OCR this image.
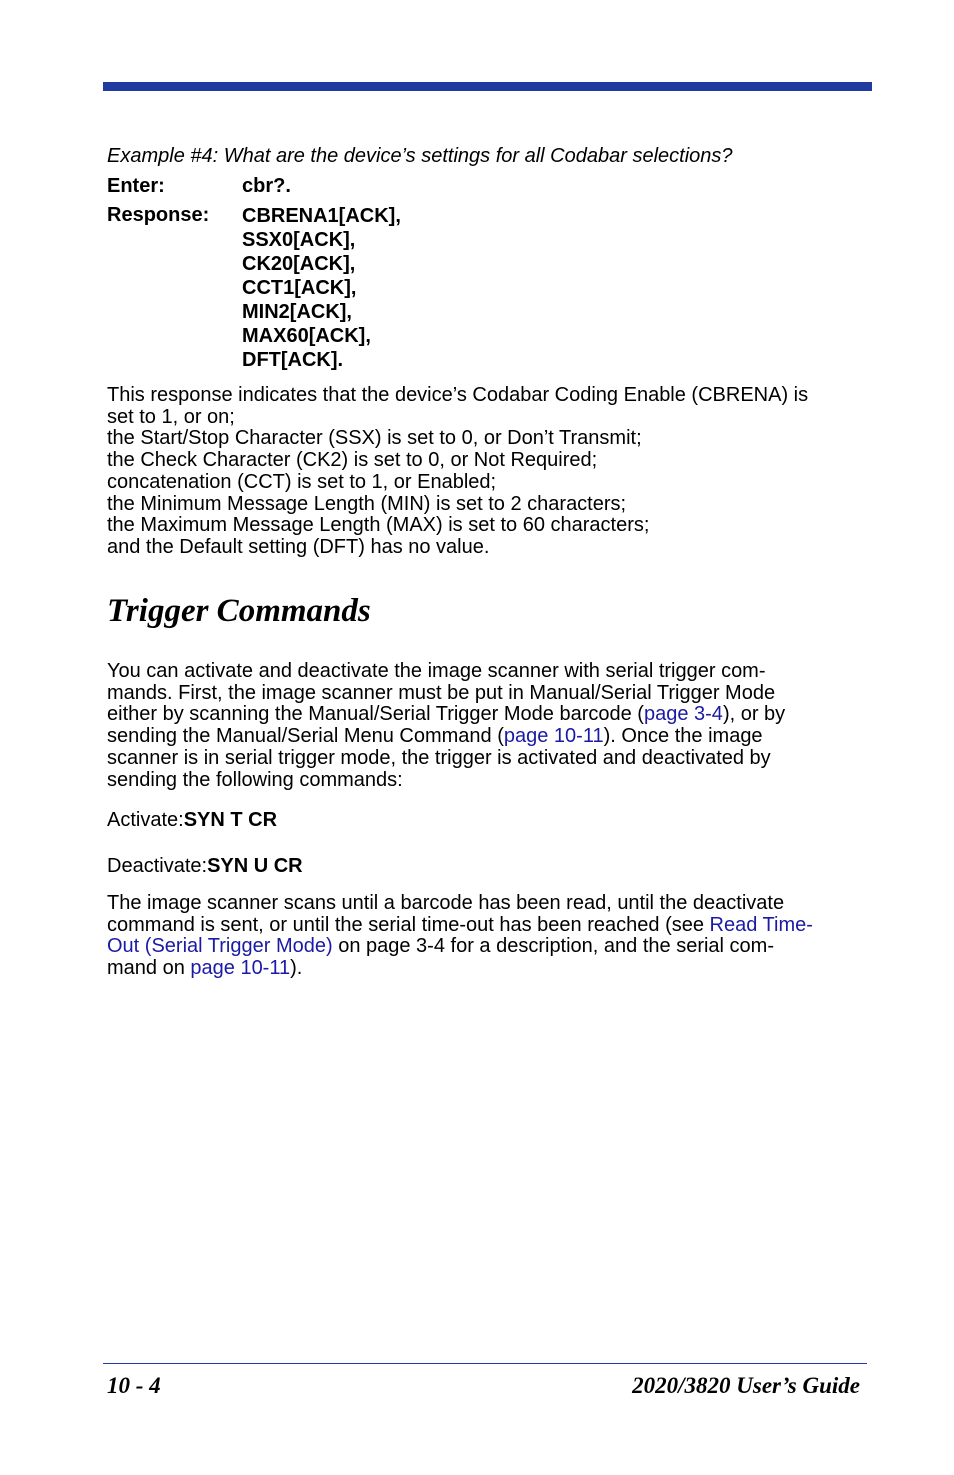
Example #4: What are the device’s settings for all Codabar selections?
Enter:	cbr?.
Response: CBRENA1[ACK],
SSX0[ACK],
CK20[ACK],
CCT1[ACK],
MIN2[ACK],
MAX60[ACK],
DFT[ACK].
This response indicates that the device’s Codabar Coding Enable (CBRENA) is
set to 1, or on;
the Start/Stop Character (SSX) is set to 0, or Don’t Transmit;
the Check Character (CK2) is set to 0, or Not Required;
concatenation (CCT) is set to 1, or Enabled;
the Minimum Message Length (MIN) is set to 2 characters;
the Maximum Message Length (MAX) is set to 60 characters;
and the Default setting (DFT) has no value.
Trigger Commands
You can activate and deactivate the image scanner with serial trigger com-
mands. First, the image scanner must be put in Manual/Serial Trigger Mode
either by scanning the Manual/Serial Trigger Mode barcode (page 3-4), or by
sending the Manual/Serial Menu Command (page 10-11). Once the image
scanner is in serial trigger mode, the trigger is activated and deactivated by
sending the following commands:
Activate:SYN T CR
Deactivate:SYN U CR
The image scanner scans until a barcode has been read, until the deactivate
command is sent, or until the serial time-out has been reached (see Read Time-
Out (Serial Trigger Mode) on page 3-4 for a description, and the serial com-
mand on page 10-11).
10 - 4	2020/3820 User’s Guide
